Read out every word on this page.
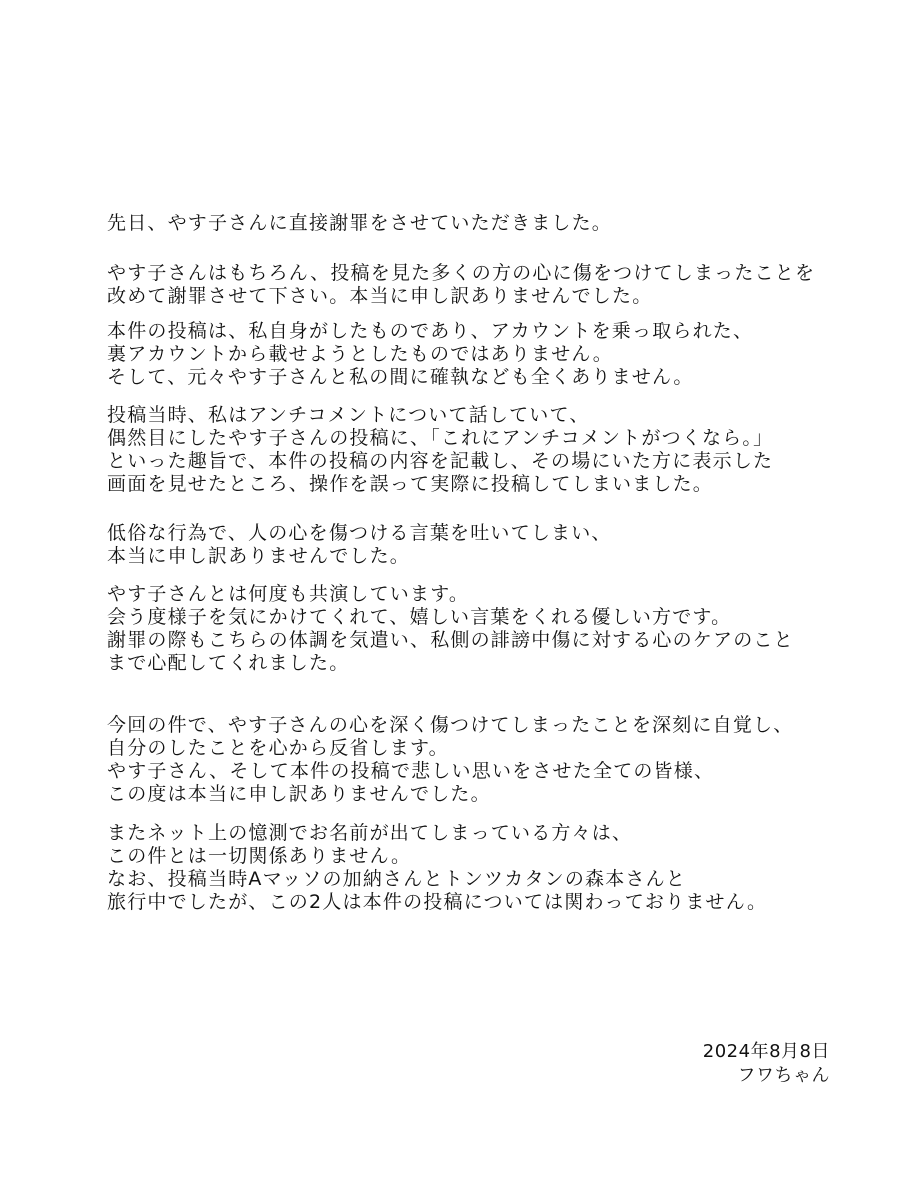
先日、やす子さんに直接謝罪をさせていただきました。
やす子さんはもちろん、投稿を見た多くの方の心に傷をつけてしまったことを
改めて謝罪させて下さい。本当に申し訳ありませんでした。
本件の投稿は、私自身がしたものであり、アカウントを乗っ取られた、
裏アカウントから載せようとしたものではありません。
そして、元々やす子さんと私の間に確執なども全くありません。
投稿当時、私はアンチコメントについて話していて、
偶然目にしたやす子さんの投稿に、「これにアンチコメントがつくなら。」
といった趣旨で、本件の投稿の内容を記載し、その場にいた方に表示した
画面を見せたところ、操作を誤って実際に投稿してしまいました。
低俗な行為で、人の心を傷つける言葉を吐いてしまい、
本当に申し訳ありませんでした。
やす子さんとは何度も共演しています。
会う度様子を気にかけてくれて、嬉しい言葉をくれる優しい方です。
謝罪の際もこちらの体調を気遣い、私側の誹謗中傷に対する心のケアのこと
まで心配してくれました。
今回の件で、やす子さんの心を深く傷つけてしまったことを深刻に自覚し、
自分のしたことを心から反省します。
やす子さん、そして本件の投稿で悲しい思いをさせた全ての皆様、
この度は本当に申し訳ありませんでした。
またネット上の憶測でお名前が出てしまっている方々は、
この件とは一切関係ありません。
なお、投稿当時Aマッソの加納さんとトンツカタンの森本さんと
旅行中でしたが、この2人は本件の投稿については関わっておりません。
2024年8月8日
フワちゃん
